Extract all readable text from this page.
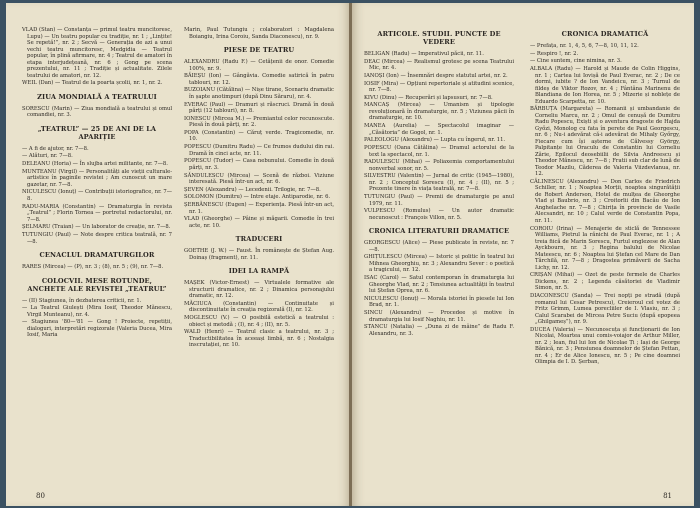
VLAD (Stan) — Constanța — primul teatru muncitoresc, Lupu) — Un teatru popular cu tradiție, nr. 1 ; „Lințite! Se repetă!”, nr. 2 ; Secvă — Generația de azi a unui vechi teatru muncitoresc, Medgidia — Teatrul popular, în plină afirmare, nr. 4 ; Teatrul de amatori în etapa interjudețeană, nr. 6 ; Gong pe scena prezentului, nr. 11 ; Tradiție și actualitate. Zilele teatrului de amatori, nr. 12.
WEIL (Dan) — Teatrul de la poarta școlii, nr. 1, nr. 2.
ZIUA MONDIALĂ A TEATRULUI
SORESCU (Marin) — Ziua mondială a teatrului și omul comandiei, nr. 3.
„TEATRUL” — 25 DE ANI DE LA APARIȚIE
— A fi de ajutor, nr. 7—8.
— Alături, nr. 7—8.
DELEANU (Horia) — În slujba artei militante, nr. 7—8.
MUNTEANU (Virgil) — Personalități ale vieții culturale-artistice în paginile revistei ; Am cunoscut un mare gazetar, nr. 7—8.
NICULESCU (Ionuț) — Contribuții istoriografice, nr. 7—8.
RADU-MARIA (Constantin) — Dramaturgia în revista „Teatrul” ; Florin Tornea — portretul redactorului, nr. 7—8.
ȘELMARU (Traian) — Un laborator de creație, nr. 7—8.
TUTUNGIU (Paul) — Note despre critica teatrală, nr. 7—8.
CENACLUL DRAMATURGILOR
RARES (Mircea) — (P), nr. 3 ; (8), nr. 5 ; (9), nr. 7—8.
COLOCVII. MESE ROTUNDE, ANCHETE ALE REVISTEI „TEATRUL”
— (II) Stagiunea, în dezbaterea criticii, nr. 1.
— La Teatrul Giulești (Mira Iosif, Theodor Mănescu, Virgil Munteanu), nr. 4.
— Stagiunea '80—'81 — Gong ! Proiecte, repetiții, dialoguri, interpretări regizorale (Valeria Ducea, Mira Iosif, Maria
Marin, Paul Tutungiu ; colaboratori : Magdalena Boiangiu, Irina Coroiu, Sanda Diaconescu), nr. 9.
PIESE DE TEATRU
ALEXANDRU (Radu F.) — Cetățenii de onor. Comedie 100%, nr. 9.
BĂIEȘU (Ion) — Gângăvia. Comedie satirică în patru tablouri, nr. 12.
BUZOIANU (Cătălina) — Nișe tirane, Scenariu dramatic în șapte anotimpuri (după Dinu Săraru), nr. 4.
EVERAC (Paul) — Dramuri și răscruci. Dramă în două părți (12 tablouri), nr. 8.
IONESCU (Mircea M.) — Premiantul celor recunoscute. Piesă în două părți, nr. 2.
POPA (Constantin) — Căruț verde. Tragicomedie, nr. 10.
POPESCU (Dumitru Radu) — Ce frumos dudului din rai. Dramă în cinci acte, nr. 11.
POPESCU (Tudor) — Casa nebunului. Comedie în două părți, nr. 3.
SĂNDULESCU (Mircea) — Scenă de război. Viziune interesată. Piesă într-un act, nr. 6.
ȘEVEN (Alexandru) — Lecedenii. Trilogie, nr. 7—8.
SOLOMON (Dumitru) — Intre etaje. Antiparodie, nr. 6.
ȘERBĂNESCU (Eugen) — Experiența. Piesă într-un act, nr. 1.
VLAD (Gheorghe) — Pâine și măgarii. Comedie în trei acte, nr. 10.
TRADUCERI
GOETHE (J. W.) — Faust. În românește de Ștefan Aug. Doinaș (fragment), nr. 11.
IDEI LA RAMPĂ
MAȘEK (Victor-Ernest) — Virtualele formative ale structurii dramatice, nr. 2 ; Dinamica personajului dramatic, nr. 12.
MĂCIUCA (Constantin) — Continuitate și discontinuitate în creația regizorală (I), nr. 12.
MOGLESCU (V.) — O posibilă estetică a teatrului : obiect și metodă ; (I), nr. 4 ; (II), nr. 5.
WALD (Henri) — Teatrul clasic a teatrului, nr. 3 ; Traductibilitatea în aceeași limbă, nr. 6 ; Nostalgia inscrutației, nr. 10.
80
ARTICOLE. STUDII. PUNCTE DE VEDERE
BELIGAN (Radu) — Imperativul păcii, nr. 11.
DEAC (Mircea) — Realismul grotesc pe scena Teatrului Mic, nr. 4.
IANOȘI (Ion) — Însemnări despre statutul artei, nr. 2.
IOSIF (Mira) — Opțiuni repertoriale și atitudini scenice, nr. 7—8.
KIVU (Dinu) — Recuperări și lapsusuri, nr. 7—8.
MANCAȘ (Mircea) — Umanism și tipologie revoluționară în dramaturgie, nr. 5 ; Viziunea păcii în dramaturgie, nr. 10.
MANEA (Aurelia) — Spectacolul imaginar — „Căsătoria” de Gogol, nr. 1.
PALEOLOGU (Alexandru) — Lupta cu îngerul, nr. 11.
POPESCU (Oana Cătălina) — Dramul actorului de la text la spectacol, nr. 1.
RADULESCU (Mihai) — Poliaxemia comportamentului nonverbal sonor, nr. 5.
SILVESTRU (Valentin) — Jurnal de critic (1945—1980), nr. 2 ; Conceptul Sorescu (I), nr. 4 ; (II), nr. 5 ; Prezente tinere în viața teatrală, nr. 7—8.
TUTUNGIU (Paul) — Premii de dramaturgie pe anul 1979, nr. 11.
VULPESCU (Romulus) — Un autor dramatic necunoscut : François Villon, nr. 5.
CRONICA LITERATURII DRAMATICE
GEORGESCU (Alice) — Piese publicate în reviste, nr. 7—8.
GHIȚULESCU (Mircea) — Istoric și politic în teatrul lui Mihnea Gheorghiu, nr. 3 ; Alexandru Sever : o poetică a tragicului, nr. 12.
ISAC (Carol) — Satul contemporan în dramaturgia lui Gheorghe Vlad, nr. 2 ; Tensiunea actualității în teatrul lui Ștefan Oprea, nr. 6.
NICULESCU (Ionuț) — Morala istoriei în piesele lui Ion Brad, nr. 1.
SINCU (Alexandru) — Procedee și motive în dramaturgia lui Iosif Naghiu, nr. 11.
STANCU (Natalia) — „Duna zi de mâine” de Radu F. Alexandru, nr. 3.
CRONICA DRAMATICĂ
— Prefața, nr. 1, 4, 5, 6, 7—8, 10, 11, 12.
— Respiro !, nr. 2.
— Cine suntem, cine nimina, nr. 3.
ALBALA (Radu) — Harold și Maude de Colin Higgins, nr. 1 ; Cartea lui Iovișă de Paul Everac, nr. 2 ; De ce dormi, iubite ? de Ion Vandeicu, nr. 3 ; Turnul de fildeș de Viktor Rozov, nr. 4 ; Fântâna Marinenu de Blandiana de Ion Horea, nr. 5 ; Mizerie și noblețe de Eduardo Scarpetta, nr. 10.
BĂRBUȚA (Margareta) — Romanii și umbandanie de Corneliu Marcu, nr. 2 ; Omul de cenușă de Dumitru Radu Popescu, Exiști și o aventura dragoste de Hajda Győzi, Monolog cu fata în perete de Paul Georgescu, nr. 6 ; Nu-i adevărat că-i adevărat de Mihaly Győrgy, Fiecare cum își așterne de Călvessy György, Palpitanțe lui Oraculu de Constantin lui Corneliu Zărie, Epilocul deosebiilii de Silvia Andreescu și Theodor Mănescu, nr. 7—8 ; Fratii sub clar de lună de Teodor Mazilu, Căderea de Valeria Viizdevlanua, nr. 12.
CĂLINESCU (Alexandru) — Don Carlos de Friedrich Schiller, nr. 1 ; Noaptea Morții, noaptea singurătății de Robert Anderson, Hotel de mulțea de Gheorghe Vlad și Baubrio, nr. 3 ; Croitorlii din Bacău de Ion Anghelache nr. 7—8 ; Chirița în provincie de Vasile Alecsandri, nr. 10 ; Calul verde de Constantin Popa, nr. 11.
COROIU (Irina) — Menajerie de sticlă de Tennessee Williams, Pietrul la rănichi de Paul Everac, nr. 1 ; A treia fiică de Marin Sorescu, Furtul englezese de Alan Ayckbourn, nr. 3 ; Regina balului de Nicolae Mateescu, nr. 6 ; Noaptea lui Ștefan cel Mare de Dan Tărchilă, nr. 7—8 ; Dragostea primăverii de Sacha Lichy, nr. 12.
CRIȘAN (Mihai) — Ozet de peste fermele de Charles Dickens, nr. 2 ; Legenda căsătoriei de Vladimir Simon, nr. 5.
DIACONESCU (Sanda) — Trei nopți pe stradă (după romanul lui Cesar Petrescu), Creieroul cel votez de Fritz Grimm, Lumea porecliiler de I. Vlasiu, nr. 3 ; Calul Scarabei de Mircea Petre Suciu (după epopeea „Ghilgameș”), nr. 9.
DUCEA (Valeria) — Necunoscuța și funcționarii de Ion Nicolai, Moartea unui comis-voiajor de Arthur Miller, nr. 2 ; Iean, fiul lui Ion de Nicolae Ți ; Iași de George Bănică, nr. 3 ; Pensiunea doamnelor de Ștefan Pettan, nr. 4 ; Er de Alice Ionescu, nr. 5 ; Pe cine doamnei Olimpia de I. D. Șerban,
81
